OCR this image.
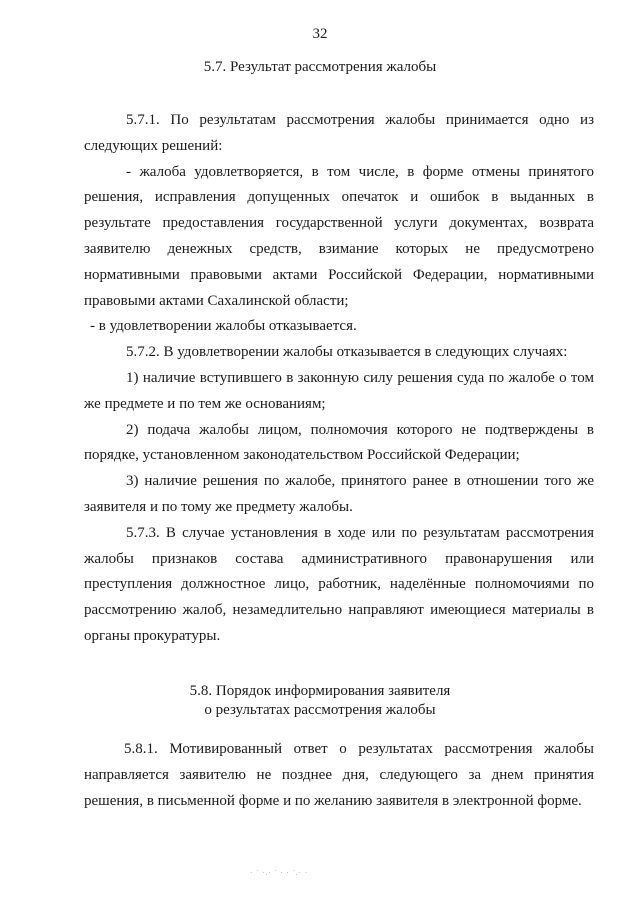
32
5.7. Результат рассмотрения жалобы

5.7.1. По результатам рассмотрения жалобы принимается одно из следующих решений:

- жалоба удовлетворяется, в том числе, в форме отмены принятого решения, исправления допущенных опечаток и ошибок в выданных в результате предоставления государственной услуги документах, возврата заявителю денежных средств, взимание которых не предусмотрено нормативными правовыми актами Российской Федерации, нормативными правовыми актами Сахалинской области;

- в удовлетворении жалобы отказывается.

5.7.2. В удовлетворении жалобы отказывается в следующих случаях:

1) наличие вступившего в законную силу решения суда по жалобе о том же предмете и по тем же основаниям;

2) подача жалобы лицом, полномочия которого не подтверждены в порядке, установленном законодательством Российской Федерации;

3) наличие решения по жалобе, принятого ранее в отношении того же заявителя и по тому же предмету жалобы.

5.7.3. В случае установления в ходе или по результатам рассмотрения жалобы признаков состава административного правонарушения или преступления должностное лицо, работник, наделённые полномочиями по рассмотрению жалоб, незамедлительно направляют имеющиеся материалы в органы прокуратуры.

5.8. Порядок информирования заявителя
о результатах рассмотрения жалобы

5.8.1. Мотивированный ответ о результатах рассмотрения жалобы направляется заявителю не позднее дня, следующего за днем принятия решения, в письменной форме и по желанию заявителя в электронной форме.

· ˙ ·.· ˙ · · ˙.· ·
